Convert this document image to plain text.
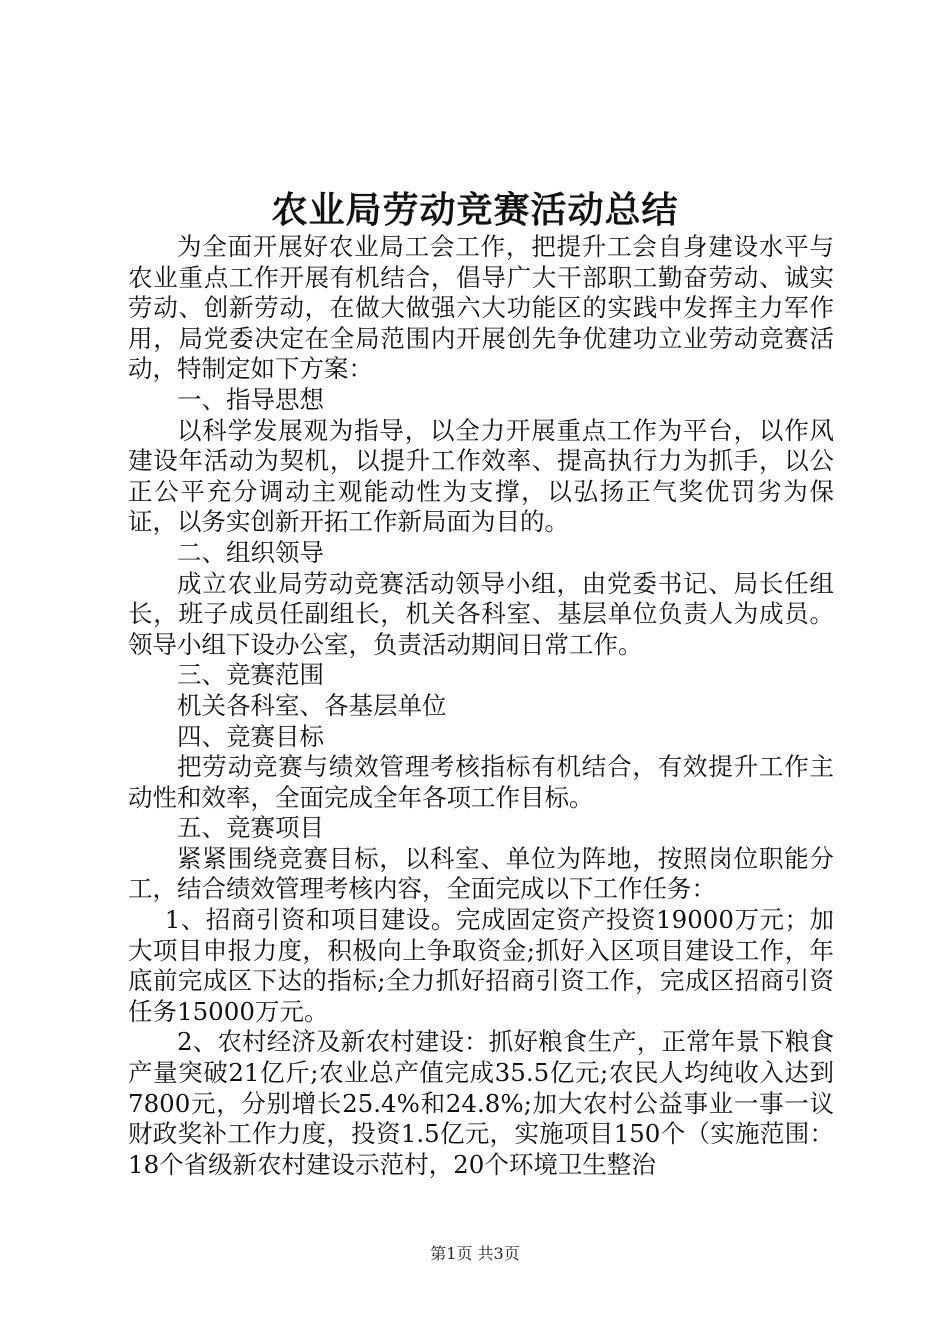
农业局劳动竞赛活动总结

为全面开展好农业局工会工作，把提升工会自身建设水平与农业重点工作开展有机结合，倡导广大干部职工勤奋劳动、诚实劳动、创新劳动，在做大做强六大功能区的实践中发挥主力军作用，局党委决定在全局范围内开展创先争优建功立业劳动竞赛活动，特制定如下方案：

一、指导思想

以科学发展观为指导，以全力开展重点工作为平台，以作风建设年活动为契机，以提升工作效率、提高执行力为抓手，以公正公平充分调动主观能动性为支撑，以弘扬正气奖优罚劣为保证，以务实创新开拓工作新局面为目的。

二、组织领导

成立农业局劳动竞赛活动领导小组，由党委书记、局长任组长，班子成员任副组长，机关各科室、基层单位负责人为成员。领导小组下设办公室，负责活动期间日常工作。

三、竞赛范围

机关各科室、各基层单位

四、竞赛目标

把劳动竞赛与绩效管理考核指标有机结合，有效提升工作主动性和效率，全面完成全年各项工作目标。

五、竞赛项目

紧紧围绕竞赛目标，以科室、单位为阵地，按照岗位职能分工，结合绩效管理考核内容，全面完成以下工作任务：

1、招商引资和项目建设。完成固定资产投资19000万元；加大项目申报力度，积极向上争取资金;抓好入区项目建设工作，年底前完成区下达的指标;全力抓好招商引资工作，完成区招商引资任务15000万元。

2、农村经济及新农村建设：抓好粮食生产，正常年景下粮食产量突破21亿斤;农业总产值完成35.5亿元;农民人均纯收入达到7800元，分别增长25.4%和24.8%;加大农村公益事业一事一议财政奖补工作力度，投资1.5亿元，实施项目150个（实施范围：18个省级新农村建设示范村，20个环境卫生整治

第1页 共3页
